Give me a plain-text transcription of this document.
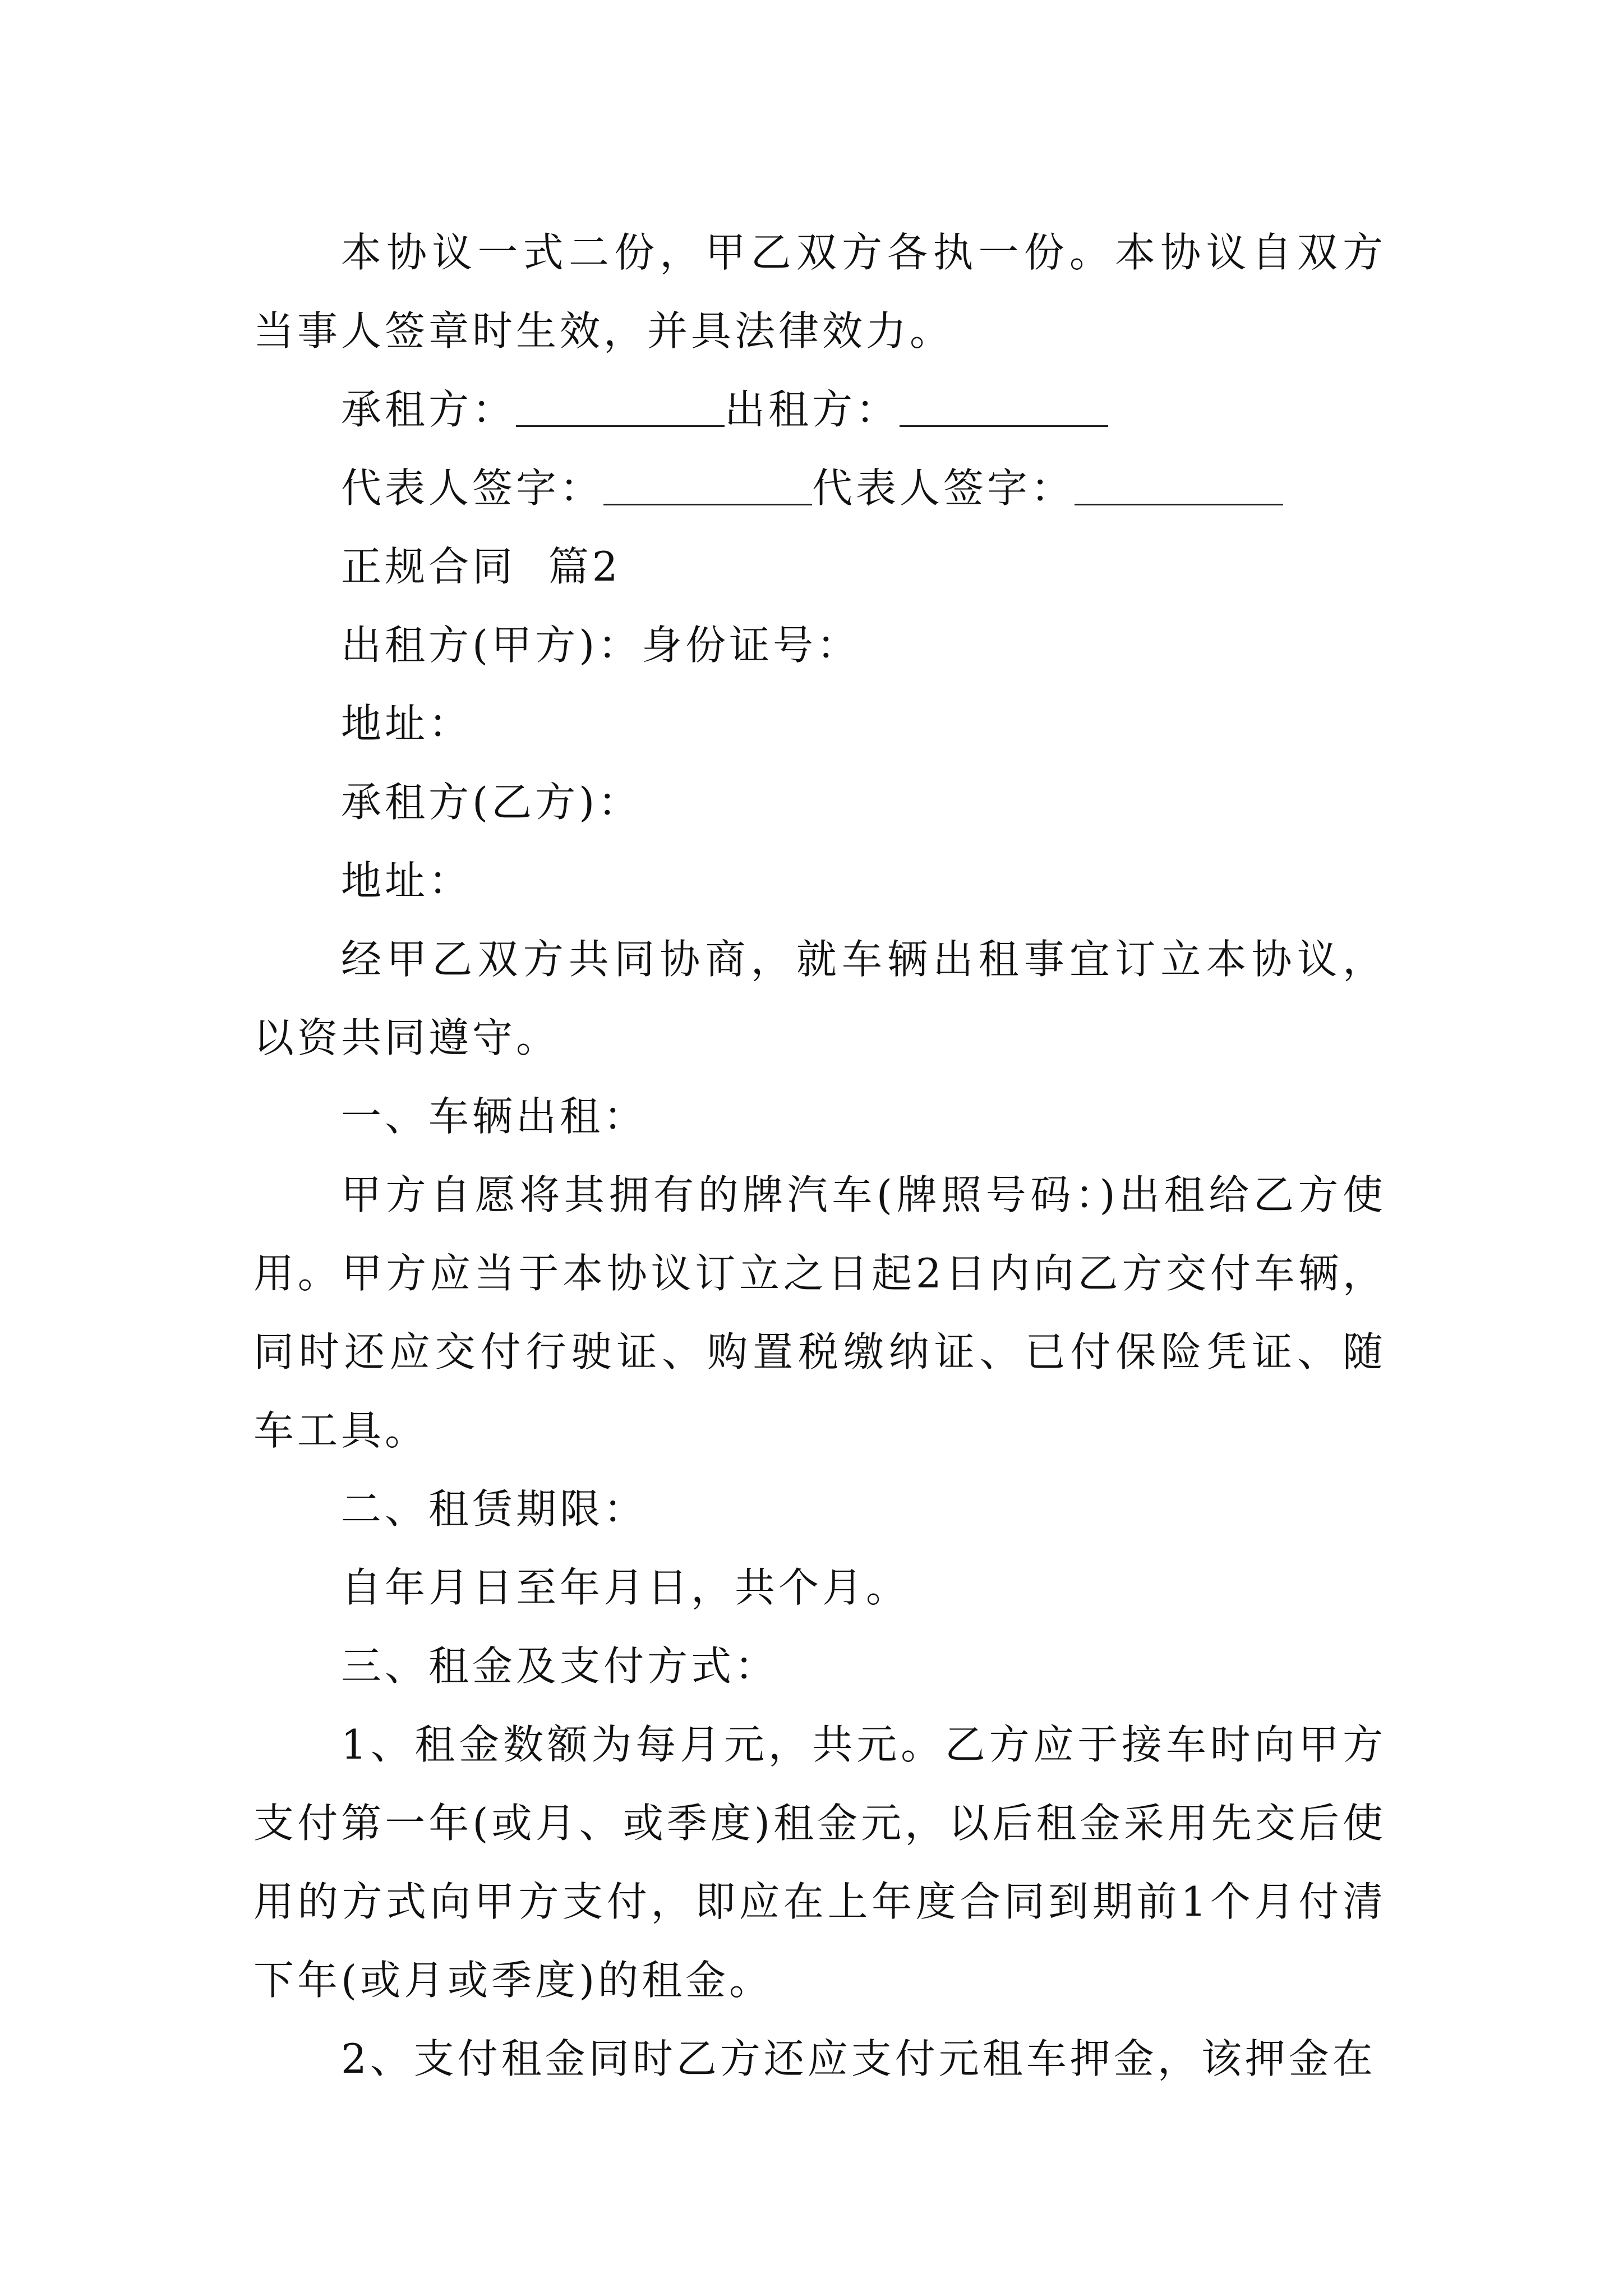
本协议一式二份，甲乙双方各执一份。本协议自双方当事人签章时生效，并具法律效力。

承租方：	出租方：

代表人签字：	代表人签字：

正规合同  篇2

出租方(甲方)：身份证号：

地址：

承租方(乙方)：

地址：

经甲乙双方共同协商，就车辆出租事宜订立本协议，以资共同遵守。

一、车辆出租：

甲方自愿将其拥有的牌汽车(牌照号码：)出租给乙方使用。甲方应当于本协议订立之日起2日内向乙方交付车辆，同时还应交付行驶证、购置税缴纳证、已付保险凭证、随车工具。

二、租赁期限：

自年月日至年月日，共个月。

三、租金及支付方式：

1、租金数额为每月元，共元。乙方应于接车时向甲方支付第一年(或月、或季度)租金元，以后租金采用先交后使用的方式向甲方支付，即应在上年度合同到期前1个月付清下年(或月或季度)的租金。

2、支付租金同时乙方还应支付元租车押金，该押金在
